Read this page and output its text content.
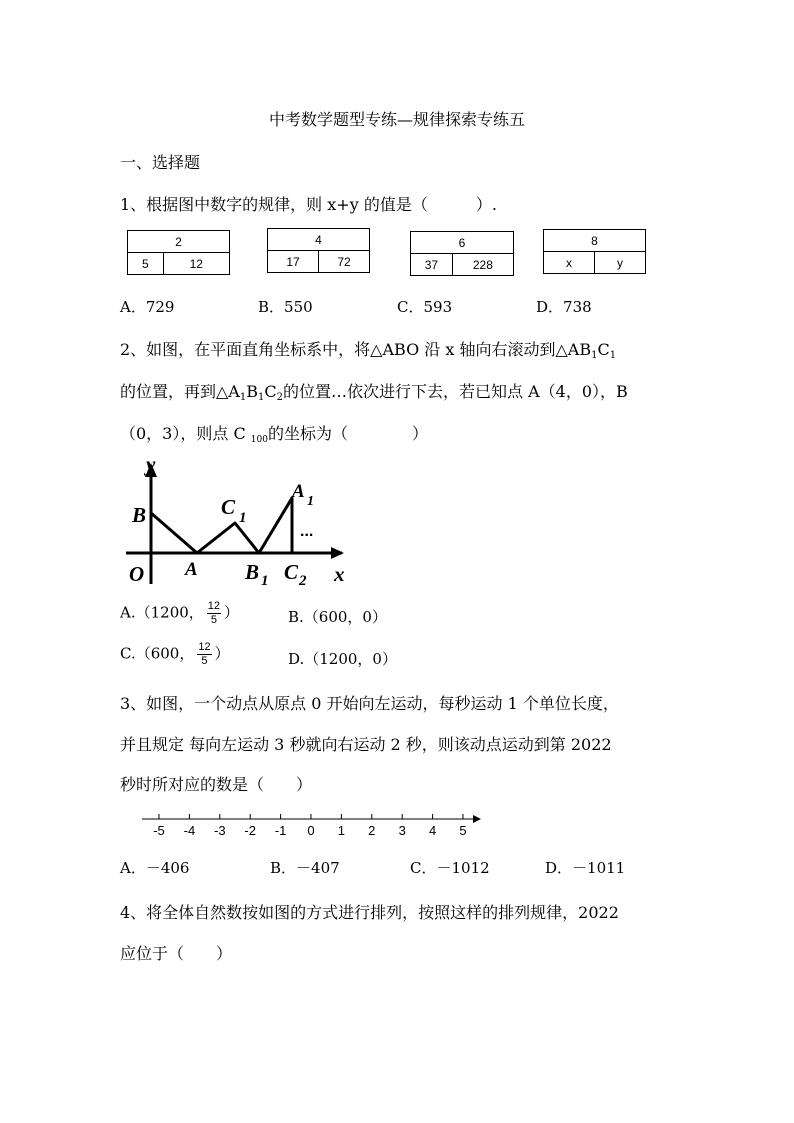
中考数学题型专练—规律探索专练五
一、选择题
1、根据图中数字的规律，则 x+y 的值是（　　　）.
2
5	12
4
17	72
6
37	228
8
x	y
A．729	B．550	C．593	D．738
2、如图，在平面直角坐标系中，将△ABO 沿 x 轴向右滚动到$\triangle AB_1C_1$
的位置，再到$\triangle A_1B_1C_2$的位置…依次进行下去，若已知点 A（4，0），B
（0，3），则点 C 100的坐标为（　　　　）
y
x
O
B
A
C 1
B 1 C 2
A 1
...
A.（1200， $\frac{12}{5}$ ）	B.（600，0）
C.（600， $\frac{12}{5}$ ）	D.（1200，0）
3、如图，一个动点从原点 0 开始向左运动，每秒运动 1 个单位长度，
并且规定 每向左运动 3 秒就向右运动 2 秒，则该动点运动到第 2022
秒时所对应的数是（　　）
-5 -4 -3 -2 -1 0 1 2 3 4 5
A．－406	B．－407	C．－1012	D．－1011
4、将全体自然数按如图的方式进行排列，按照这样的排列规律，2022
应位于（　　）
